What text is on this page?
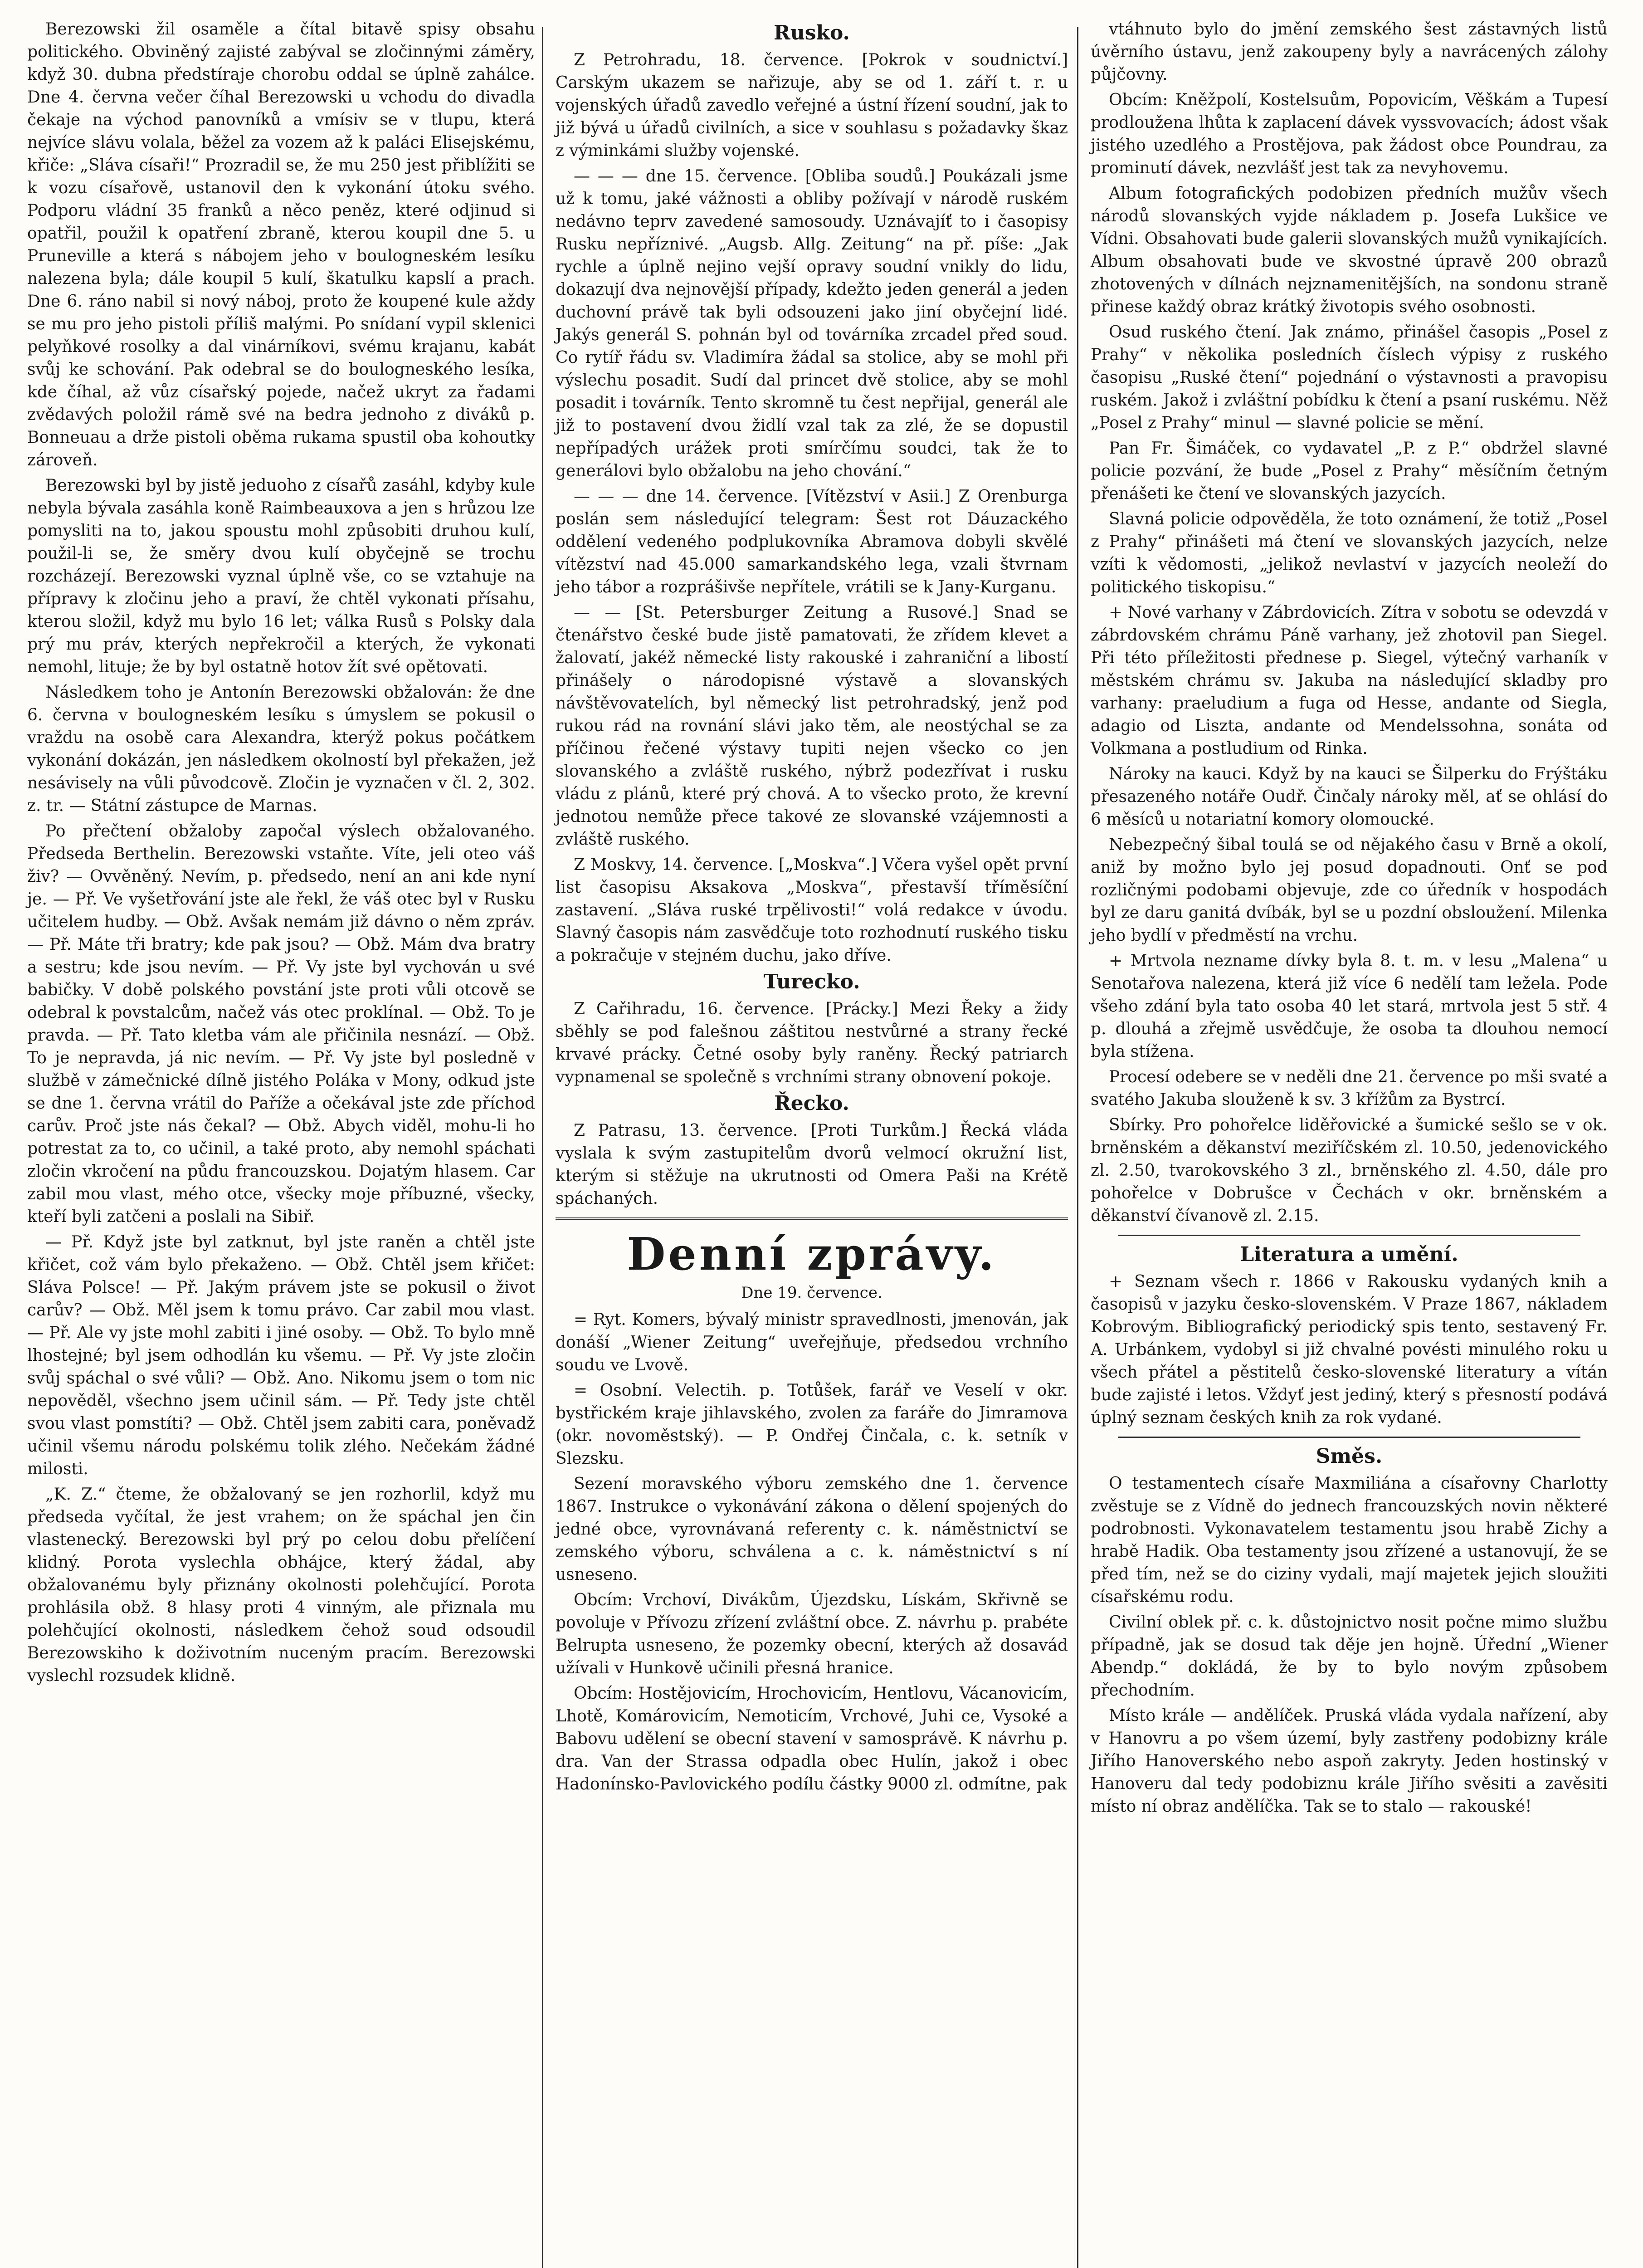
Berezowski žil osaměle a čítal bitavě spisy obsahu politického. Obviněný zajisté zabýval se zločinnými záměry, když 30. dubna předstíraje chorobu oddal se úplně zahálce. Dne 4. června večer číhal Berezowski u vchodu do divadla čekaje na východ panovníků a vmísiv se v tlupu, která nejvíce slávu volala, běžel za vozem až k paláci Elisejskému, křiče: „Sláva císaři!“ Prozradil se, že mu 250 jest přiblížiti se k vozu císařově, ustanovil den k vykonání útoku svého. Podporu vládní 35 franků a něco peněz, které odjinud si opatřil, použil k opatření zbraně, kterou koupil dne 5. u Pruneville a která s nábojem jeho v boulogneském lesíku nalezena byla; dále koupil 5 kulí, škatulku kapslí a prach. Dne 6. ráno nabil si nový náboj, proto že koupené kule aždy se mu pro jeho pistoli příliš malými. Po snídaní vypil sklenici pelyňkové rosolky a dal vinárníkovi, svému krajanu, kabát svůj ke schování. Pak odebral se do boulogneského lesíka, kde číhal, až vůz císařský pojede, načež ukryt za řadami zvědavých položil rámě své na bedra jednoho z diváků p. Bonneuau a drže pistoli oběma rukama spustil oba kohoutky zároveň.

Berezowski byl by jistě jeduoho z císařů zasáhl, kdyby kule nebyla bývala zasáhla koně Raimbeauxova a jen s hrůzou lze pomysliti na to, jakou spoustu mohl způsobiti druhou kulí, použil-li se, že směry dvou kulí obyčejně se trochu rozcházejí. Berezowski vyznal úplně vše, co se vztahuje na přípravy k zločinu jeho a praví, že chtěl vykonati přísahu, kterou složil, když mu bylo 16 let; válka Rusů s Polsky dala prý mu práv, kterých nepřekročil a kterých, že vykonati nemohl, lituje; že by byl ostatně hotov žít své opětovati.

Následkem toho je Antonín Berezowski obžalován: že dne 6. června v boulogneském lesíku s úmyslem se pokusil o vraždu na osobě cara Alexandra, kterýž pokus počátkem vykonání dokázán, jen následkem okolností byl překažen, jež nesávisely na vůli původcově. Zločin je vyznačen v čl. 2, 302. z. tr. — Státní zástupce de Marnas.

Po přečtení obžaloby započal výslech obžalovaného. Předseda Berthelin. Berezowski vstaňte. Víte, jeli oteo váš živ? — Ovvěněný. Nevím, p. předsedo, není an ani kde nyní je. — Př. Ve vyšetřování jste ale řekl, že váš otec byl v Rusku učitelem hudby. — Obž. Avšak nemám již dávno o něm zpráv. — Př. Máte tři bratry; kde pak jsou? — Obž. Mám dva bratry a sestru; kde jsou nevím. — Př. Vy jste byl vychován u své babičky. V době polského povstání jste proti vůli otcově se odebral k povstalcům, načež vás otec proklínal. — Obž. To je pravda. — Př. Tato kletba vám ale přičinila nesnází. — Obž. To je nepravda, já nic nevím. — Př. Vy jste byl posledně v službě v zámečnické dílně jistého Poláka v Mony, odkud jste se dne 1. června vrátil do Paříže a očekával jste zde příchod carův. Proč jste nás čekal? — Obž. Abych viděl, mohu-li ho potrestat za to, co učinil, a také proto, aby nemohl spáchati zločin vkročení na půdu francouzskou. Dojatým hlasem. Car zabil mou vlast, mého otce, všecky moje příbuzné, všecky, kteří byli zatčeni a poslali na Sibiř.

— Př. Když jste byl zatknut, byl jste raněn a chtěl jste křičet, což vám bylo překaženo. — Obž. Chtěl jsem křičet: Sláva Polsce! — Př. Jakým právem jste se pokusil o život carův? — Obž. Měl jsem k tomu právo. Car zabil mou vlast. — Př. Ale vy jste mohl zabiti i jiné osoby. — Obž. To bylo mně lhostejné; byl jsem odhodlán ku všemu. — Př. Vy jste zločin svůj spáchal o své vůli? — Obž. Ano. Nikomu jsem o tom nic nepověděl, všechno jsem učinil sám. — Př. Tedy jste chtěl svou vlast pomstíti? — Obž. Chtěl jsem zabiti cara, poněvadž učinil všemu národu polskému tolik zlého. Nečekám žádné milosti.

„K. Z.“ čteme, že obžalovaný se jen rozhorlil, když mu předseda vyčítal, že jest vrahem; on že spáchal jen čin vlastenecký. Berezowski byl prý po celou dobu přelíčení klidný. Porota vyslechla obhájce, který žádal, aby obžalovanému byly přiznány okolnosti polehčující. Porota prohlásila obž. 8 hlasy proti 4 vinným, ale přiznala mu polehčující okolnosti, následkem čehož soud odsoudil Berezowskiho k doživotním nuceným pracím. Berezowski vyslechl rozsudek klidně.

Rusko.

Z Petrohradu, 18. července. [Pokrok v soudnictví.] Carským ukazem se nařizuje, aby se od 1. září t. r. u vojenských úřadů zavedlo veřejné a ústní řízení soudní, jak to již bývá u úřadů civilních, a sice v souhlasu s požadavky škaz z výminkámi služby vojenské.

— — — dne 15. července. [Obliba soudů.] Poukázali jsme už k tomu, jaké vážnosti a obliby požívají v národě ruském nedávno teprv zavedené samosoudy. Uznávajíť to i časopisy Rusku nepříznivé. „Augsb. Allg. Zeitung“ na př. píše: „Jak rychle a úplně nejino vejší opravy soudní vnikly do lidu, dokazují dva nejnovější případy, kdežto jeden generál a jeden duchovní právě tak byli odsouzeni jako jiní obyčejní lidé. Jakýs generál S. pohnán byl od továrníka zrcadel před soud. Co rytíř řádu sv. Vladimíra žádal sa stolice, aby se mohl při výslechu posadit. Sudí dal princet dvě stolice, aby se mohl posadit i továrník. Tento skromně tu čest nepřijal, generál ale již to postavení dvou židlí vzal tak za zlé, že se dopustil nepřípadých urážek proti smírčímu soudci, tak že to generálovi bylo obžalobu na jeho chování.“

— — — dne 14. července. [Vítězství v Asii.] Z Orenburga poslán sem následující telegram: Šest rot Dáuzackého oddělení vedeného podplukovníka Abramova dobyli skvělé vítězství nad 45.000 samarkandského lega, vzali štvrnam jeho tábor a rozprášivše nepřítele, vrátili se k Jany-Kurganu.

— — [St. Petersburger Zeitung a Rusové.] Snad se čtenářstvo české bude jistě pamatovati, že zřídem klevet a žalovatí, jakéž německé listy rakouské i zahraniční a libostí přinášely o národopisné výstavě a slovanských návštěvovatelích, byl německý list petrohradský, jenž pod rukou rád na rovnání slávi jako těm, ale neostýchal se za příčinou řečené výstavy tupiti nejen všecko co jen slovanského a zvláště ruského, nýbrž podezřívat i rusku vládu z plánů, které prý chová. A to všecko proto, že krevní jednotou nemůže přece takové ze slovanské vzájemnosti a zvláště ruského.

Z Moskvy, 14. července. [„Moskva“.] Včera vyšel opět první list časopisu Aksakova „Moskva“, přestavší tříměsíční zastavení. „Sláva ruské trpělivosti!“ volá redakce v úvodu. Slavný časopis nám zasvědčuje toto rozhodnutí ruského tisku a pokračuje v stejném duchu, jako dříve.

Turecko.

Z Cařihradu, 16. července. [Prácky.] Mezi Řeky a židy sběhly se pod falešnou záštitou nestvůrné a strany řecké krvavé prácky. Četné osoby byly raněny. Řecký patriarch vypnamenal se společně s vrchními strany obnovení pokoje.

Řecko.

Z Patrasu, 13. července. [Proti Turkům.] Řecká vláda vyslala k svým zastupitelům dvorů velmocí okružní list, kterým si stěžuje na ukrutnosti od Omera Paši na Krétě spáchaných.

Denní zprávy.
Dne 19. července.

= Ryt. Komers, bývalý ministr spravedlnosti, jmenován, jak donáší „Wiener Zeitung“ uveřejňuje, předsedou vrchního soudu ve Lvově.

= Osobní. Velectih. p. Totůšek, farář ve Veselí v okr. bystřickém kraje jihlavského, zvolen za faráře do Jimramova (okr. novoměstský). — P. Ondřej Činčala, c. k. setník v Slezsku.

Sezení moravského výboru zemského dne 1. července 1867. Instrukce o vykonávání zákona o dělení spojených do jedné obce, vyrovnávaná referenty c. k. náměstnictví se zemského výboru, schválena a c. k. náměstnictví s ní usneseno.

Obcím: Vrchoví, Divákům, Újezdsku, Lískám, Skřivně se povoluje v Přívozu zřízení zvláštní obce. Z. návrhu p. prabéte Belrupta usneseno, že pozemky obecní, kterých až dosavád užívali v Hunkově učinili přesná hranice.

Obcím: Hostějovicím, Hrochovicím, Hentlovu, Vácanovicím, Lhotě, Komárovicím, Nemoticím, Vrchové, Juhi ce, Vysoké a Babovu udělení se obecní stavení v samosprávě. K návrhu p. dra. Van der Strassa odpadla obec Hulín, jakož i obec Hadonínsko-Pavlovického podílu částky 9000 zl. odmítne, pak

vtáhnuto bylo do jmění zemského šest zástavných listů úvěrního ústavu, jenž zakoupeny byly a navrácených zálohy půjčovny.

Obcím: Kněžpolí, Kostelsuům, Popovicím, Věškám a Tupesí prodloužena lhůta k zaplacení dávek vyssvovacích; ádost však jistého uzedlého a Prostějova, pak žádost obce Poundrau, za prominutí dávek, nezvlášť jest tak za nevyhovemu.

Album fotografických podobizen předních mužův všech národů slovanských vyjde nákladem p. Josefa Lukšice ve Vídni. Obsahovati bude galerii slovanských mužů vynikajících. Album obsahovati bude ve skvostné úpravě 200 obrazů zhotovených v dílnách nejznamenitějších, na sondonu straně přinese každý obraz krátký životopis svého osobnosti.

Osud ruského čtení. Jak známo, přinášel časopis „Posel z Prahy“ v několika posledních číslech výpisy z ruského časopisu „Ruské čtení“ pojednání o výstavnosti a pravopisu ruském. Jakož i zvláštní pobídku k čtení a psaní ruskému. Něž „Posel z Prahy“ minul — slavné policie se mění.

Pan Fr. Šimáček, co vydavatel „P. z P.“ obdržel slavné policie pozvání, že bude „Posel z Prahy“ měsíčním četným přenášeti ke čtení ve slovanských jazycích.

Slavná policie odpověděla, že toto oznámení, že totiž „Posel z Prahy“ přinášeti má čtení ve slovanských jazycích, nelze vzíti k vědomosti, „jelikož nevlaství v jazycích neoleží do politického tiskopisu.“

+ Nové varhany v Zábrdovicích. Zítra v sobotu se odevzdá v zábrdovském chrámu Páně varhany, jež zhotovil pan Siegel. Při této příležitosti přednese p. Siegel, výtečný varhaník v městském chrámu sv. Jakuba na následující skladby pro varhany: praeludium a fuga od Hesse, andante od Siegla, adagio od Liszta, andante od Mendelssohna, sonáta od Volkmana a postludium od Rinka.

Nároky na kauci. Když by na kauci se Šilperku do Frýštáku přesazeného notáře Oudř. Činčaly nároky měl, ať se ohlásí do 6 měsíců u notariatní komory olomoucké.

Nebezpečný šibal toulá se od nějakého času v Brně a okolí, aniž by možno bylo jej posud dopadnouti. Onť se pod rozličnými podobami objevuje, zde co úředník v hospodách byl ze daru ganitá dvíbák, byl se u pozdní obsloužení. Milenka jeho bydlí v předměstí na vrchu.

+ Mrtvola nezname dívky byla 8. t. m. v lesu „Malena“ u Senotařova nalezena, která již více 6 nedělí tam ležela. Pode všeho zdání byla tato osoba 40 let stará, mrtvola jest 5 stř. 4 p. dlouhá a zřejmě usvědčuje, že osoba ta dlouhou nemocí byla stížena.

Procesí odebere se v neděli dne 21. července po mši svaté a svatého Jakuba slouženě k sv. 3 křížům za Bystrcí.

Sbírky. Pro pohořelce liděřovické a šumické sešlo se v ok. brněnském a děkanství meziříčském zl. 10.50, jedenovického zl. 2.50, tvarokovského 3 zl., brněnského zl. 4.50, dále pro pohořelce v Dobrušce v Čechách v okr. brněnském a děkanství čívanově zl. 2.15.

Literatura a umění.

+ Seznam všech r. 1866 v Rakousku vydaných knih a časopisů v jazyku česko-slovenském. V Praze 1867, nákladem Kobrovým. Bibliografický periodický spis tento, sestavený Fr. A. Urbánkem, vydobyl si již chvalné povésti minulého roku u všech přátel a pěstitelů česko-slovenské literatury a vítán bude zajisté i letos. Vždyť jest jediný, který s přesností podává úplný seznam českých knih za rok vydané.

Směs.

O testamentech císaře Maxmiliána a císařovny Charlotty zvěstuje se z Vídně do jednech francouzských novin některé podrobnosti. Vykonavatelem testamentu jsou hrabě Zichy a hrabě Hadik. Oba testamenty jsou zřízené a ustanovují, že se před tím, než se do ciziny vydali, mají majetek jejich sloužiti císařskému rodu.

Civilní oblek př. c. k. důstojnictvo nosit počne mimo službu případně, jak se dosud tak děje jen hojně. Úřední „Wiener Abendp.“ dokládá, že by to bylo novým způsobem přechodním.

Místo krále — andělíček. Pruská vláda vydala nařízení, aby v Hanovru a po všem území, byly zastřeny podobizny krále Jiřího Hanoverského nebo aspoň zakryty. Jeden hostinský v Hanoveru dal tedy podobiznu krále Jiřího svěsiti a zavěsiti místo ní obraz andělíčka. Tak se to stalo — rakouské!
